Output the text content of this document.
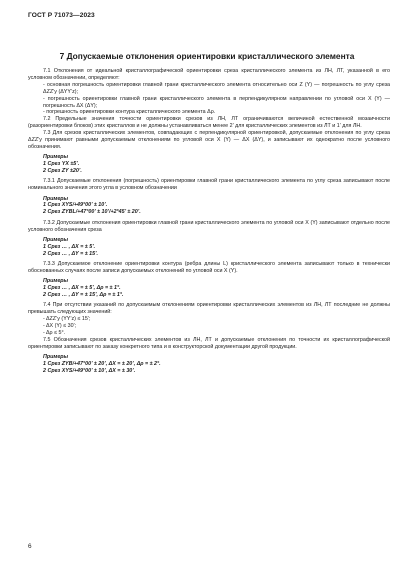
ГОСТ Р 71073—2023
7 Допускаемые отклонения ориентировки кристаллического элемента

7.1 Отклонения от идеальной кристаллографической ориентировки среза кристаллического элемента из ЛН, ЛТ, указанной в его условном обозначении, определяют:

- основная погрешность ориентировки главной грани кристаллического элемента относительно оси Z (Y) — погрешность по углу среза ΔZZ’y (ΔYY’z);

- погрешность ориентировки главной грани кристаллического элемента в перпендикулярном направлении по угловой оси X (Y) — погрешность ΔX (ΔY);

- погрешность ориентировки контура кристаллического элемента Δρ.

7.2 Предельные значения точности ориентировки срезов из ЛН, ЛТ ограничиваются величиной естественной мозаичности (разориентировки блоков) этих кристаллов и не должны устанавливаться менее 2’ для кристаллических элементов из ЛТ и 1’ для ЛН.

7.3 Для срезов кристаллических элементов, совпадающих с перпендикулярной ориентировкой, допускаемые отклонения по углу среза ΔZZ’y принимают равными допускаемым отклонениям по угловой оси X (Y) — ΔX (ΔY), и записывают их однократно после условного обозначения.

Примеры

1 Срез YX ±5’.

2 Срез ZY ±20’.

7.3.1 Допускаемые отклонения (погрешность) ориентировки главной грани кристаллического элемента по углу среза записывают после номинального значения этого угла в условном обозначении

Примеры

1 Срез XYS/+49°00’ ± 10’.

2 Срез ZYBL/+47°00’ ± 10’/+2°45’ ± 20’.

7.3.2 Допускаемые отклонения ориентировки главной грани кристаллического элемента по угловой оси X (Y) записывают отдельно после условного обозначения среза

Примеры

1 Срез … , ΔX = ± 5’.

2 Срез … , ΔY = ± 15’.

7.3.3 Допускаемое отклонение ориентировки контура (ребра длины L) кристаллического элемента записывают только в технически обоснованных случаях после записи допускаемых отклонений по угловой оси X (Y).

Примеры

1 Срез … , ΔX = ± 5’, Δρ = ± 1°.

2 Срез … , ΔY = ± 15’, Δρ = ± 1°.

7.4 При отсутствии указаний по допускаемым отклонениям ориентировки кристаллических элементов из ЛН, ЛТ последние не должны превышать следующих значений:

- ΔZZ’y (YY’z) ≤ 15’;

- ΔX (Y) ≤ 30’;

- Δρ ≤ 5°.

7.5 Обозначения срезов кристаллических элементов из ЛН, ЛТ и допускаемые отклонения по точности их кристаллографической ориентировки записывают по заказу конкретного типа и в конструкторской документации другой продукции.

Примеры

1 Срез ZYB/+47°00’ ± 20’, ΔX = ± 20’, Δρ = ± 2°.

2 Срез XYS/+49°00’ ± 10’, ΔX = ± 30’.

6
